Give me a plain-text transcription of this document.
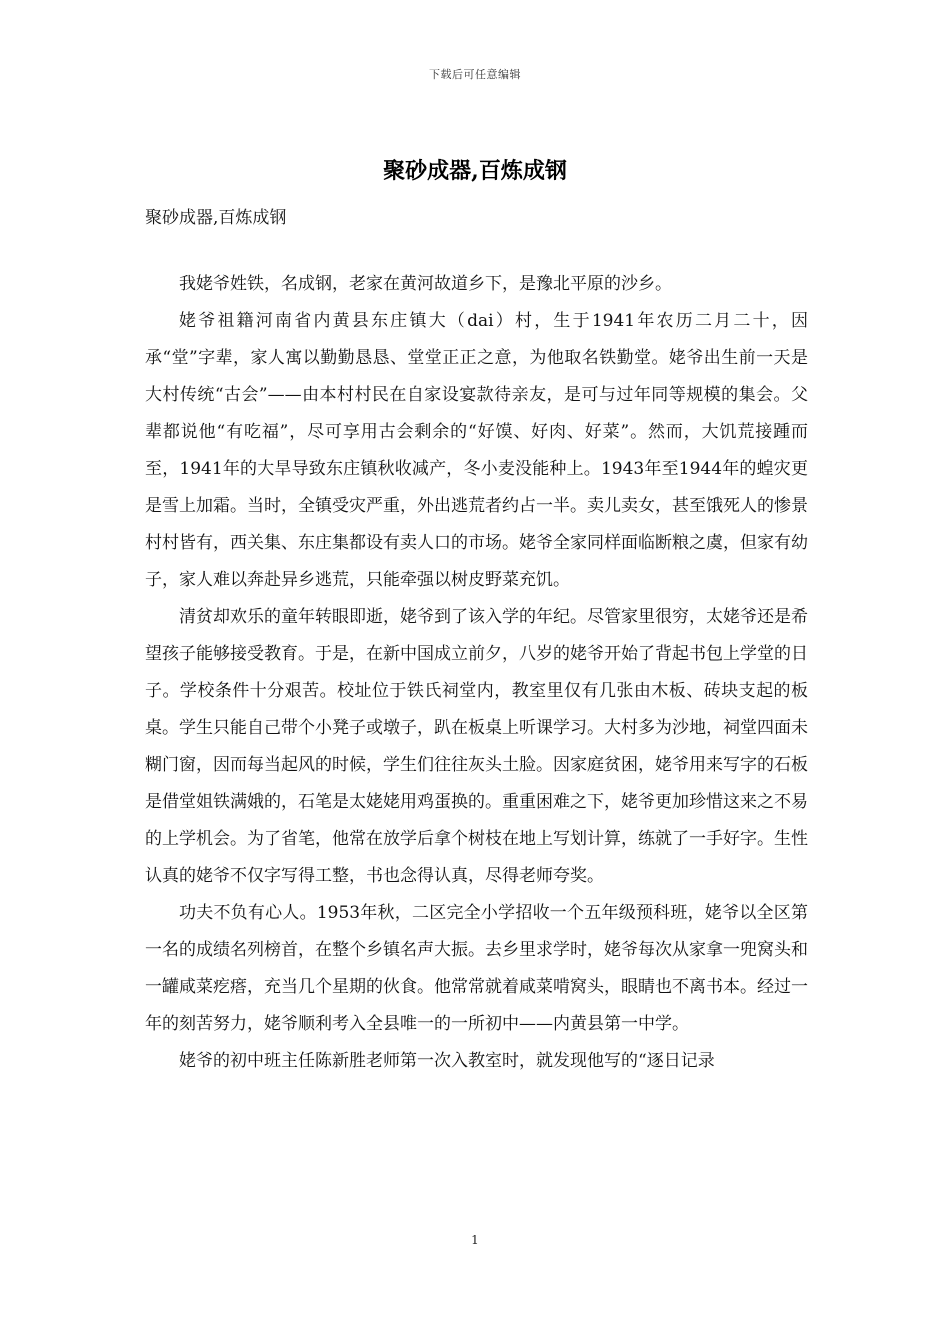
下载后可任意编辑
聚砂成器,百炼成钢

聚砂成器,百炼成钢

我姥爷姓铁，名成钢，老家在黄河故道乡下，是豫北平原的沙乡。

姥爷祖籍河南省内黄县东庄镇大（dai）村，生于1941年农历二月二十，因承“堂”字辈，家人寓以勤勤恳恳、堂堂正正之意，为他取名铁勤堂。姥爷出生前一天是大村传统“古会”——由本村村民在自家设宴款待亲友，是可与过年同等规模的集会。父辈都说他“有吃福”，尽可享用古会剩余的“好馍、好肉、好菜”。然而，大饥荒接踵而至，1941年的大旱导致东庄镇秋收减产，冬小麦没能种上。1943年至1944年的蝗灾更是雪上加霜。当时，全镇受灾严重，外出逃荒者约占一半。卖儿卖女，甚至饿死人的惨景村村皆有，西关集、东庄集都设有卖人口的市场。姥爷全家同样面临断粮之虞，但家有幼子，家人难以奔赴异乡逃荒，只能牵强以树皮野菜充饥。

清贫却欢乐的童年转眼即逝，姥爷到了该入学的年纪。尽管家里很穷，太姥爷还是希望孩子能够接受教育。于是，在新中国成立前夕，八岁的姥爷开始了背起书包上学堂的日子。学校条件十分艰苦。校址位于铁氏祠堂内，教室里仅有几张由木板、砖块支起的板桌。学生只能自己带个小凳子或墩子，趴在板桌上听课学习。大村多为沙地，祠堂四面未糊门窗，因而每当起风的时候，学生们往往灰头土脸。因家庭贫困，姥爷用来写字的石板是借堂姐铁满娥的，石笔是太姥姥用鸡蛋换的。重重困难之下，姥爷更加珍惜这来之不易的上学机会。为了省笔，他常在放学后拿个树枝在地上写划计算，练就了一手好字。生性认真的姥爷不仅字写得工整，书也念得认真，尽得老师夸奖。

功夫不负有心人。1953年秋，二区完全小学招收一个五年级预科班，姥爷以全区第一名的成绩名列榜首，在整个乡镇名声大振。去乡里求学时，姥爷每次从家拿一兜窝头和一罐咸菜疙瘩，充当几个星期的伙食。他常常就着咸菜啃窝头，眼睛也不离书本。经过一年的刻苦努力，姥爷顺利考入全县唯一的一所初中——内黄县第一中学。

姥爷的初中班主任陈新胜老师第一次入教室时，就发现他写的“逐日记录

1
